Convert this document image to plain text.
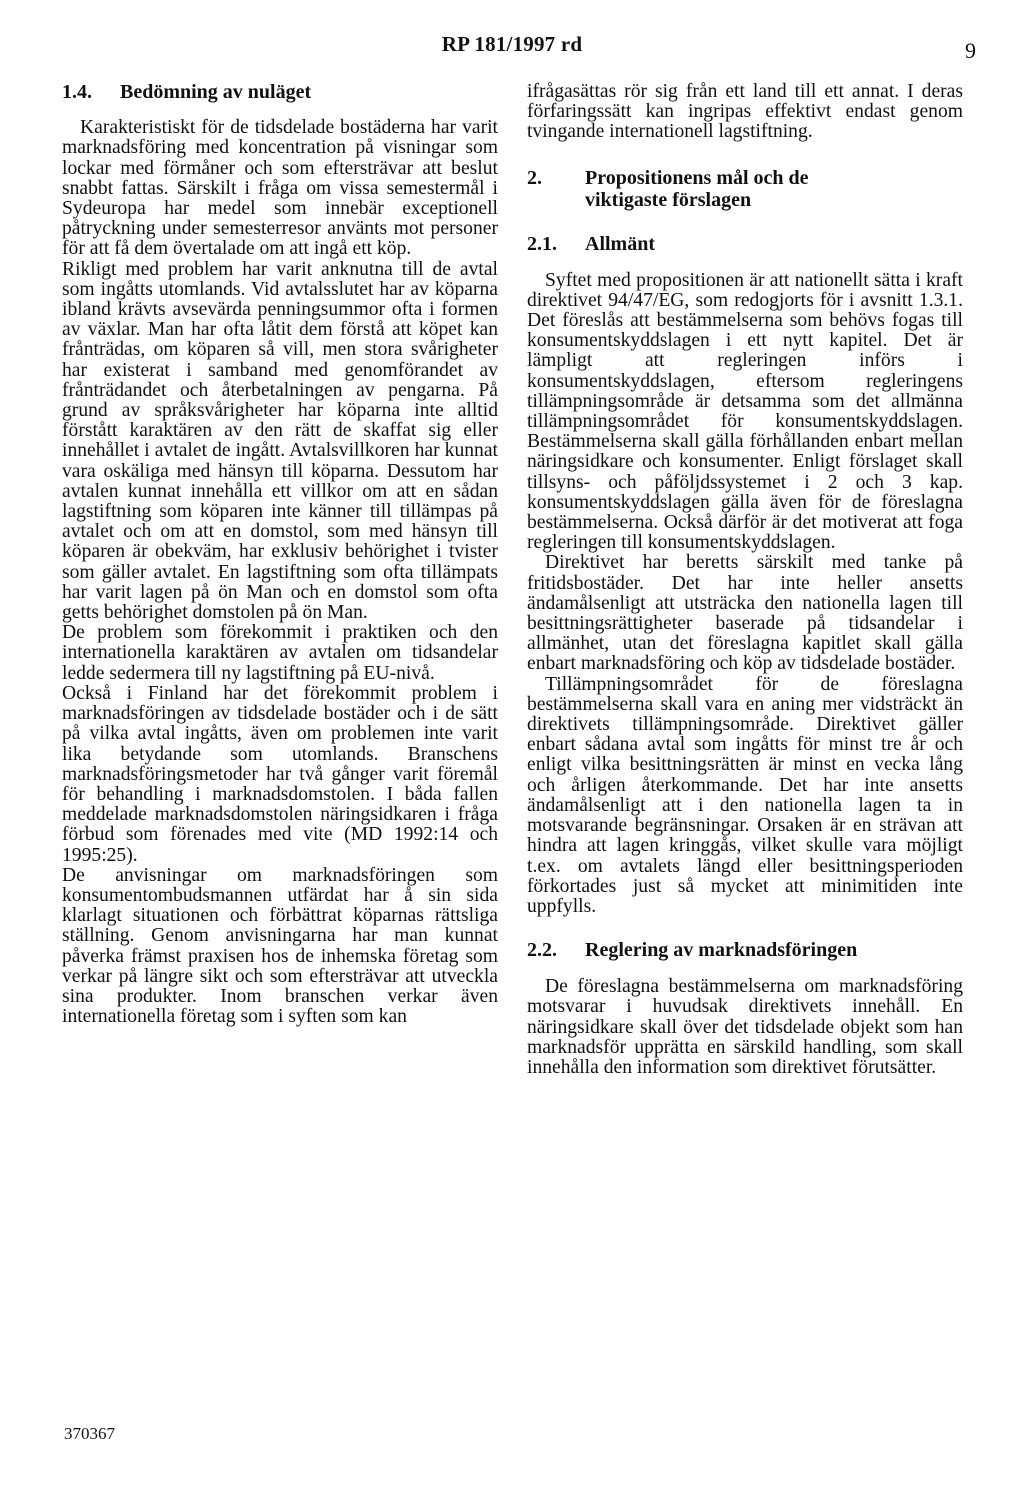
RP 181/1997 rd	9
1.4.	Bedömning av nuläget

Karakteristiskt för de tidsdelade bostäderna har varit marknadsföring med koncentration på visningar som lockar med förmåner och som eftersträvar att beslut snabbt fattas. Särskilt i fråga om vissa semestermål i Sydeuropa har medel som innebär exceptionell påtryckning under semesterresor använts mot personer för att få dem övertalade om att ingå ett köp.

Rikligt med problem har varit anknutna till de avtal som ingåtts utomlands. Vid avtalsslutet har av köparna ibland krävts avsevärda penningsummor ofta i formen av växlar. Man har ofta låtit dem förstå att köpet kan frånträdas, om köparen så vill, men stora svårigheter har existerat i samband med genomförandet av frånträdandet och återbetalningen av pengarna. På grund av språksvårigheter har köparna inte alltid förstått karaktären av den rätt de skaffat sig eller innehållet i avtalet de ingått. Avtalsvillkoren har kunnat vara oskäliga med hänsyn till köparna. Dessutom har avtalen kunnat innehålla ett villkor om att en sådan lagstiftning som köparen inte känner till tillämpas på avtalet och om att en domstol, som med hänsyn till köparen är obekväm, har exklusiv behörighet i tvister som gäller avtalet. En lagstiftning som ofta tillämpats har varit lagen på ön Man och en domstol som ofta getts behörighet domstolen på ön Man.

De problem som förekommit i praktiken och den internationella karaktären av avtalen om tidsandelar ledde sedermera till ny lagstiftning på EU-nivå.

Också i Finland har det förekommit problem i marknadsföringen av tidsdelade bostäder och i de sätt på vilka avtal ingåtts, även om problemen inte varit lika betydande som utomlands. Branschens marknadsföringsmetoder har två gånger varit föremål för behandling i marknadsdomstolen. I båda fallen meddelade marknadsdomstolen näringsidkaren i fråga förbud som förenades med vite (MD 1992:14 och 1995:25).

De anvisningar om marknadsföringen som konsumentombudsmannen utfärdat har å sin sida klarlagt situationen och förbättrat köparnas rättsliga ställning. Genom anvisningarna har man kunnat påverka främst praxisen hos de inhemska företag som verkar på längre sikt och som eftersträvar att utveckla sina produkter. Inom branschen verkar även internationella företag som i syften som kan

ifrågasättas rör sig från ett land till ett annat. I deras förfaringssätt kan ingripas effektivt endast genom tvingande internationell lagstiftning.

2.	Propositionens mål och de
viktigaste förslagen
2.1.	Allmänt

Syftet med propositionen är att nationellt sätta i kraft direktivet 94/47/EG, som redogjorts för i avsnitt 1.3.1. Det föreslås att bestämmelserna som behövs fogas till konsumentskyddslagen i ett nytt kapitel. Det är lämpligt att regleringen införs i konsumentskyddslagen, eftersom regleringens tillämpningsområde är detsamma som det allmänna tillämpningsområdet för konsumentskyddslagen. Bestämmelserna skall gälla förhållanden enbart mellan näringsidkare och konsumenter. Enligt förslaget skall tillsyns- och påföljdssystemet i 2 och 3 kap. konsumentskyddslagen gälla även för de föreslagna bestämmelserna. Också därför är det motiverat att foga regleringen till konsumentskyddslagen.

Direktivet har beretts särskilt med tanke på fritidsbostäder. Det har inte heller ansetts ändamålsenligt att utsträcka den nationella lagen till besittningsrättigheter baserade på tidsandelar i allmänhet, utan det föreslagna kapitlet skall gälla enbart marknadsföring och köp av tidsdelade bostäder.

Tillämpningsområdet för de föreslagna bestämmelserna skall vara en aning mer vidsträckt än direktivets tillämpningsområde. Direktivet gäller enbart sådana avtal som ingåtts för minst tre år och enligt vilka besittningsrätten är minst en vecka lång och årligen återkommande. Det har inte ansetts ändamålsenligt att i den nationella lagen ta in motsvarande begränsningar. Orsaken är en strävan att hindra att lagen kringgås, vilket skulle vara möjligt t.ex. om avtalets längd eller besittningsperioden förkortades just så mycket att minimitiden inte uppfylls.

2.2.	Reglering av marknadsföringen

De föreslagna bestämmelserna om marknadsföring motsvarar i huvudsak direktivets innehåll. En näringsidkare skall över det tidsdelade objekt som han marknadsför upprätta en särskild handling, som skall innehålla den information som direktivet förutsätter.

370367
